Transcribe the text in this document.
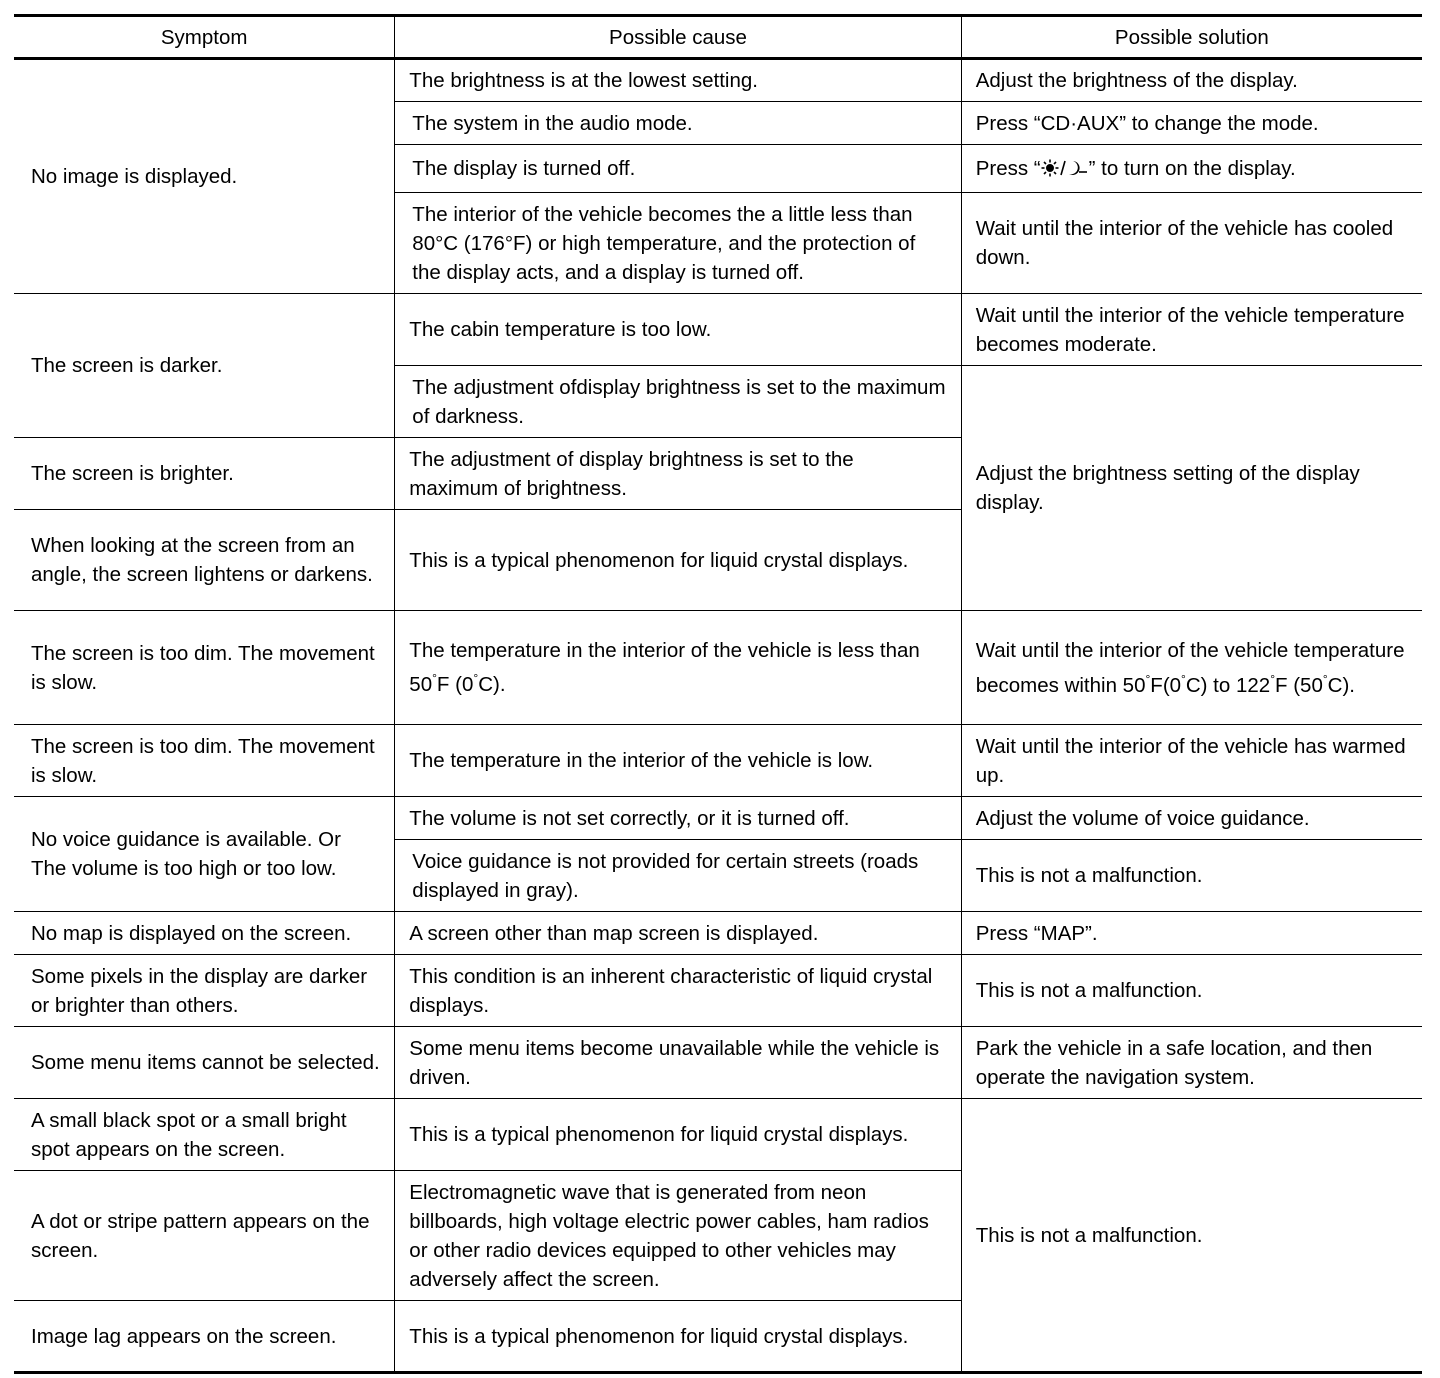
Symptom	Possible cause	Possible solution
No image is displayed.	The brightness is at the lowest setting.	Adjust the brightness of the display.
	The system in the audio mode.	Press “CD·AUX” to change the mode.
	The display is turned off.	Press “ ” to turn on the display.
	The interior of the vehicle becomes the a little less than 80°C (176°F) or high temperature, and the protection of the display acts, and a display is turned off.	Wait until the interior of the vehicle has cooled down.
The screen is darker.	The cabin temperature is too low.	Wait until the interior of the vehicle temperature becomes moderate.
	The adjustment ofdisplay brightness is set to the maximum of darkness.	Adjust the brightness setting of the display display.
The screen is brighter.	The adjustment of display brightness is set to the maximum of brightness.	
When looking at the screen from an angle, the screen lightens or darkens.	This is a typical phenomenon for liquid crystal displays.	
The screen is too dim. The movement is slow.	The temperature in the interior of the vehicle is less than 50°F (0°C).	Wait until the interior of the vehicle temperature becomes within 50°F(0°C) to 122°F (50°C).
The screen is too dim. The movement is slow.	The temperature in the interior of the vehicle is low.	Wait until the interior of the vehicle has warmed up.
No voice guidance is available. Or The volume is too high or too low.	The volume is not set correctly, or it is turned off.	Adjust the volume of voice guidance.
	Voice guidance is not provided for certain streets (roads displayed in gray).	This is not a malfunction.
No map is displayed on the screen.	A screen other than map screen is displayed.	Press “MAP”.
Some pixels in the display are darker or brighter than others.	This condition is an inherent characteristic of liquid crystal displays.	This is not a malfunction.
Some menu items cannot be selected.	Some menu items become unavailable while the vehicle is driven.	Park the vehicle in a safe location, and then operate the navigation system.
A small black spot or a small bright spot appears on the screen.	This is a typical phenomenon for liquid crystal displays.	This is not a malfunction.
A dot or stripe pattern appears on the screen.	Electromagnetic wave that is generated from neon billboards, high voltage electric power cables, ham radios or other radio devices equipped to other vehicles may adversely affect the screen.	
Image lag appears on the screen.	This is a typical phenomenon for liquid crystal displays.	
